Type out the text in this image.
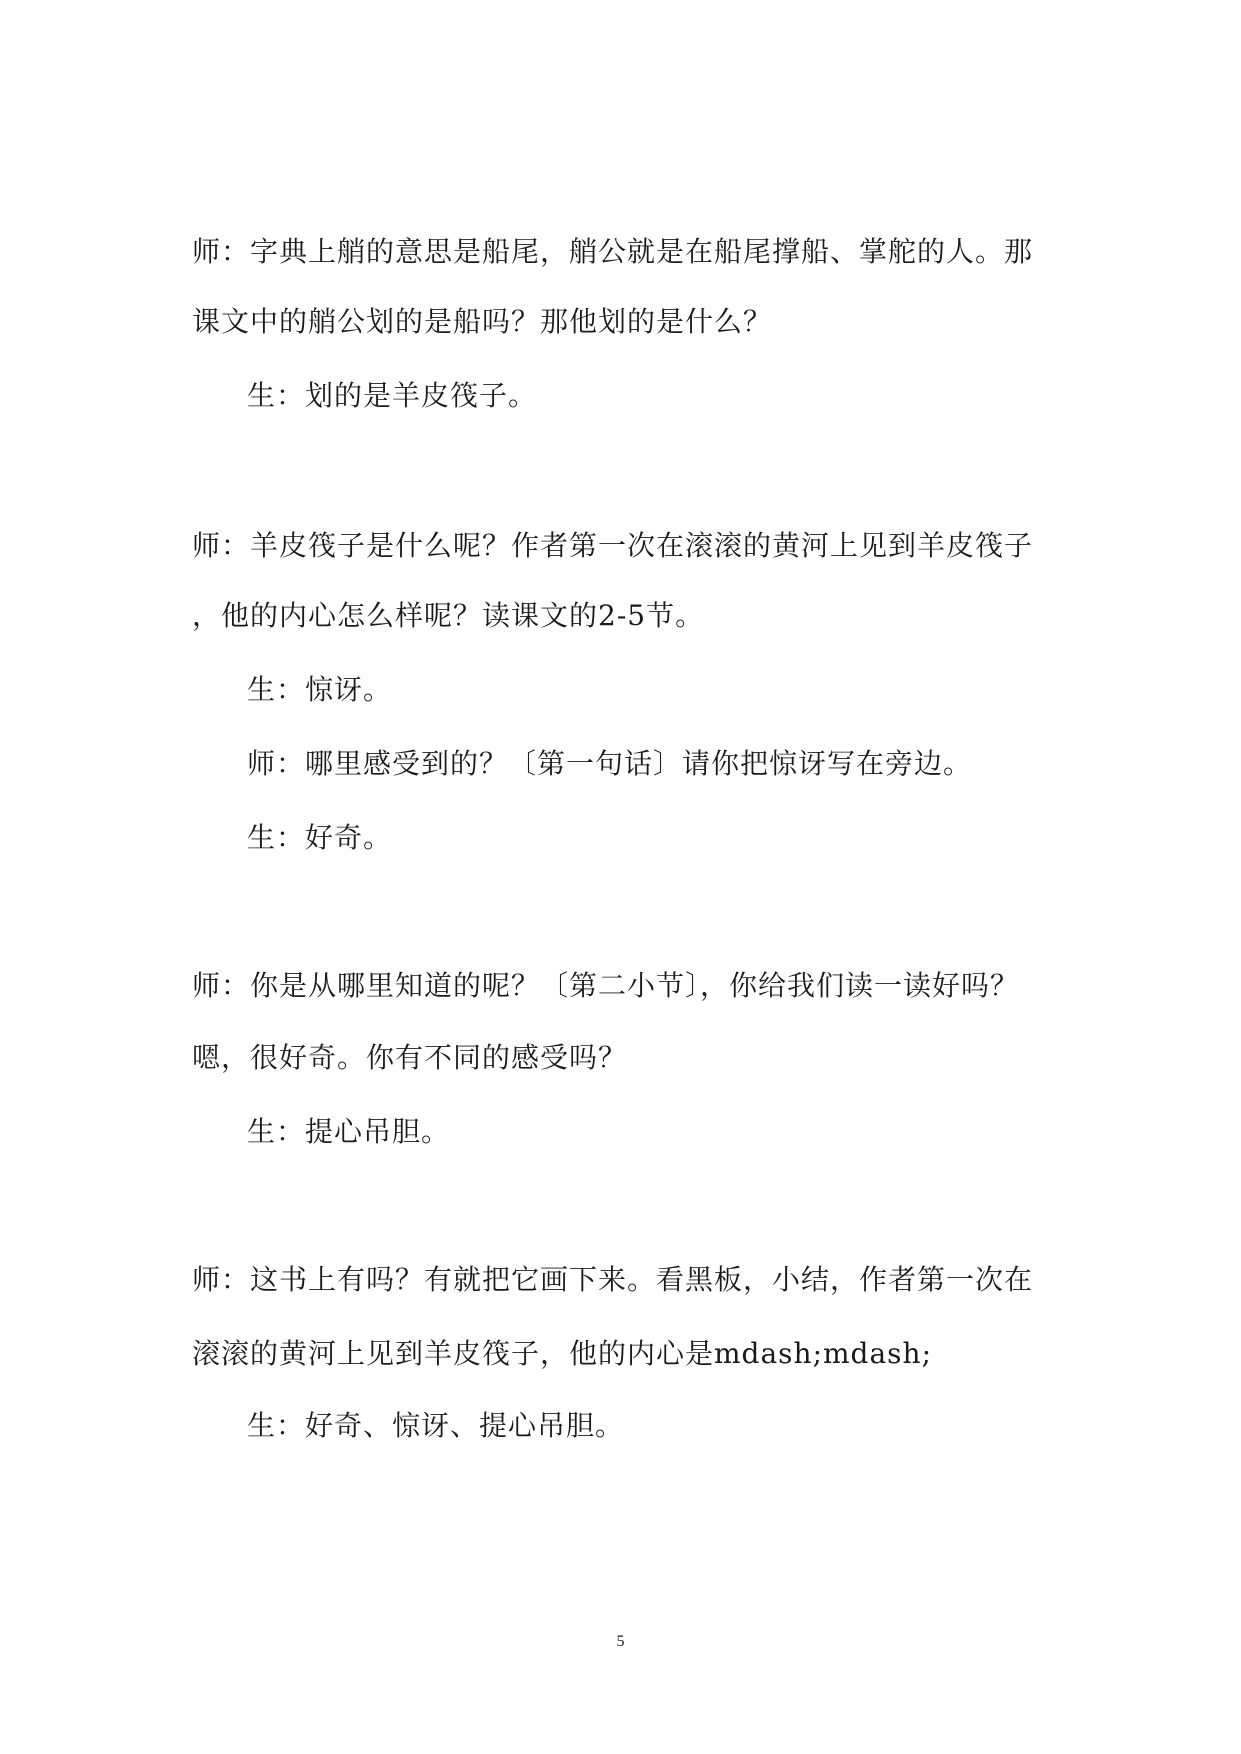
师：字典上艄的意思是船尾，艄公就是在船尾撑船、掌舵的人。那
课文中的艄公划的是船吗？那他划的是什么？
生：划的是羊皮筏子。
师：羊皮筏子是什么呢？作者第一次在滚滚的黄河上见到羊皮筏子
，他的内心怎么样呢？读课文的2-5节。
生：惊讶。
师：哪里感受到的？〔第一句话〕请你把惊讶写在旁边。
生：好奇。
师：你是从哪里知道的呢？〔第二小节〕，你给我们读一读好吗？
嗯，很好奇。你有不同的感受吗？
生：提心吊胆。
师：这书上有吗？有就把它画下来。看黑板，小结，作者第一次在
滚滚的黄河上见到羊皮筏子，他的内心是mdash;mdash;
生：好奇、惊讶、提心吊胆。
5
